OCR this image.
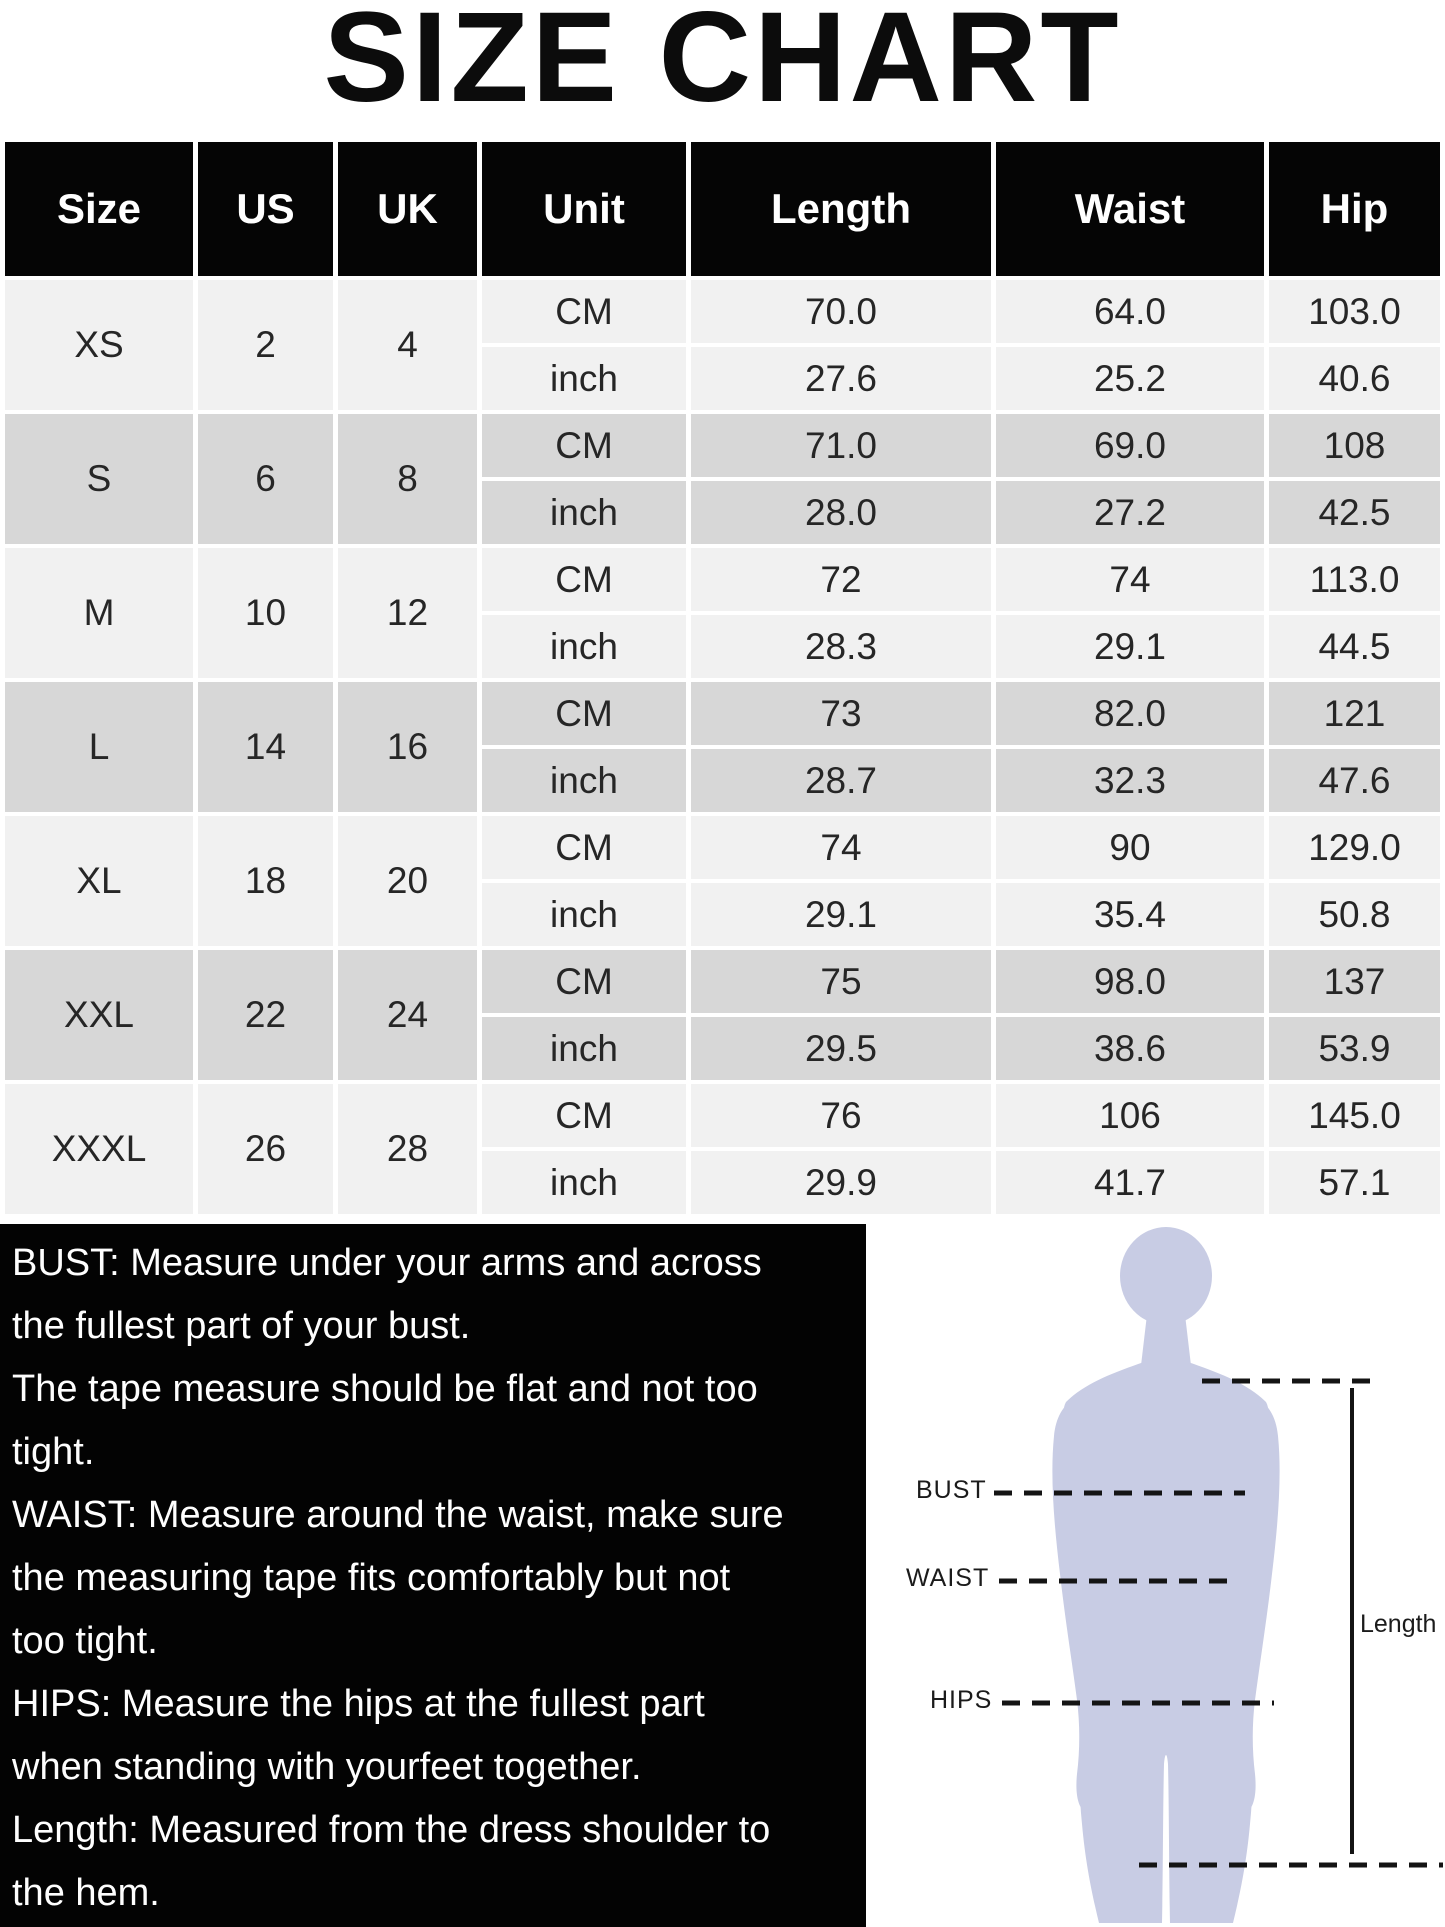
SIZE CHART
Size	US	UK	Unit	Length	Waist	Hip
XS	2	4	CM	70.0	64.0	103.0
			inch	27.6	25.2	40.6
S	6	8	CM	71.0	69.0	108
			inch	28.0	27.2	42.5
M	10	12	CM	72	74	113.0
			inch	28.3	29.1	44.5
L	14	16	CM	73	82.0	121
			inch	28.7	32.3	47.6
XL	18	20	CM	74	90	129.0
			inch	29.1	35.4	50.8
XXL	22	24	CM	75	98.0	137
			inch	29.5	38.6	53.9
XXXL	26	28	CM	76	106	145.0
			inch	29.9	41.7	57.1
BUST: Measure under your arms and across
the fullest part of your bust.
The tape measure should be flat and not too
tight.
WAIST: Measure around the waist, make sure
the measuring tape fits comfortably but not
too tight.
HIPS: Measure the hips at the fullest part
when standing with yourfeet together.
Length: Measured from the dress shoulder to
the hem.
BUST
WAIST
HIPS
Length
